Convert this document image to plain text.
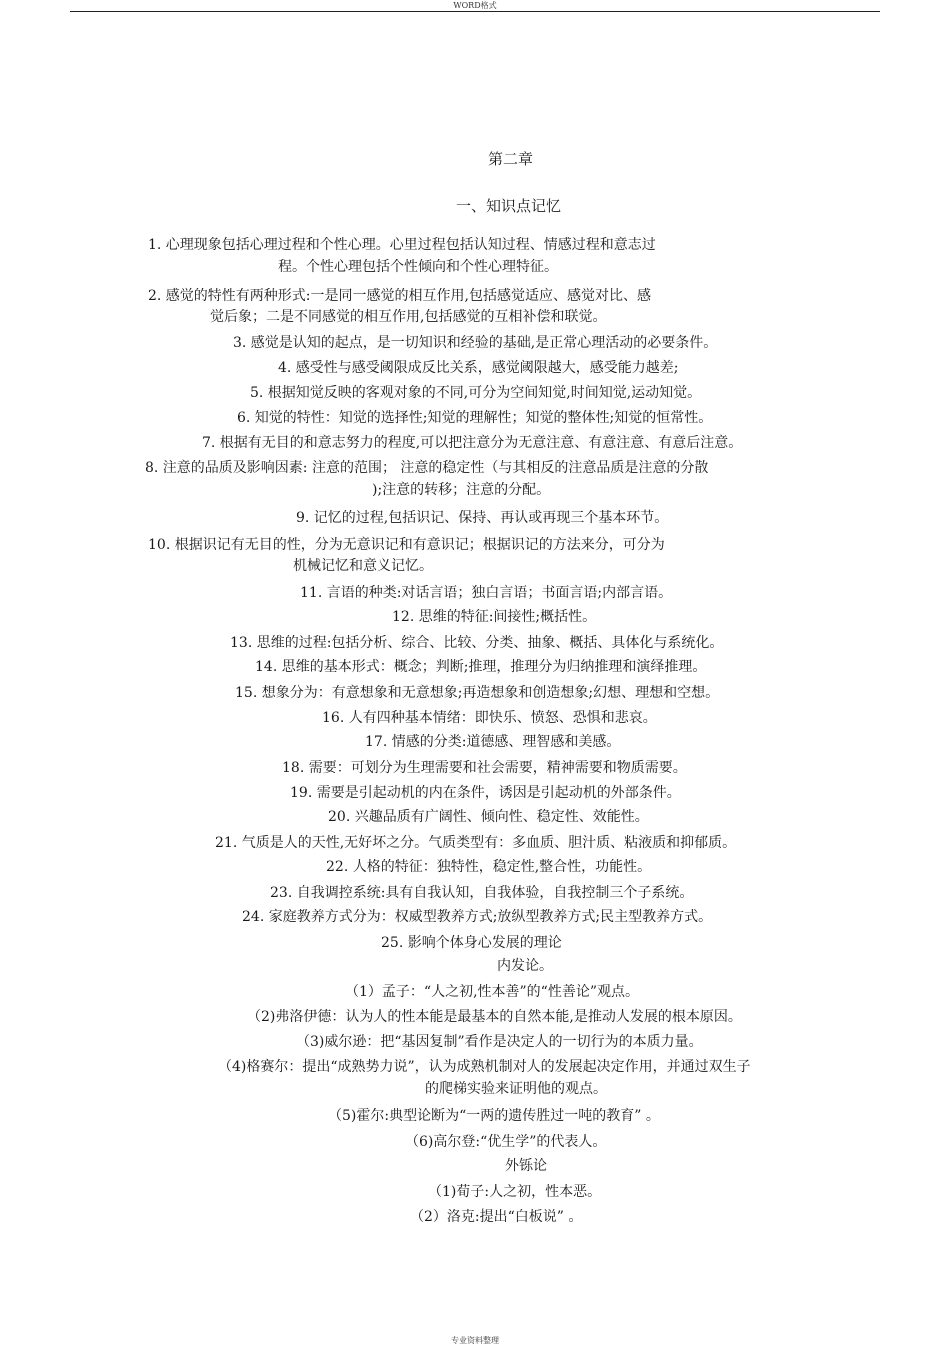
WORD格式
第二章
一、知识点记忆
1. 心理现象包括心理过程和个性心理。心里过程包括认知过程、情感过程和意志过
程。个性心理包括个性倾向和个性心理特征。
2. 感觉的特性有两种形式:一是同一感觉的相互作用,包括感觉适应、感觉对比、感
觉后象；二是不同感觉的相互作用,包括感觉的互相补偿和联觉。
3. 感觉是认知的起点，是一切知识和经验的基础,是正常心理活动的必要条件。
4. 感受性与感受阈限成反比关系，感觉阈限越大，感受能力越差;
5. 根据知觉反映的客观对象的不同,可分为空间知觉,时间知觉,运动知觉。
6. 知觉的特性：知觉的选择性;知觉的理解性；知觉的整体性;知觉的恒常性。
7. 根据有无目的和意志努力的程度,可以把注意分为无意注意、有意注意、有意后注意。
8. 注意的品质及影响因素: 注意的范围； 注意的稳定性（与其相反的注意品质是注意的分散
);注意的转移；注意的分配。
9. 记忆的过程,包括识记、保持、再认或再现三个基本环节。
10. 根据识记有无目的性，分为无意识记和有意识记；根据识记的方法来分，可分为
机械记忆和意义记忆。
11. 言语的种类:对话言语；独白言语；书面言语;内部言语。
12. 思维的特征:间接性;概括性。
13. 思维的过程:包括分析、综合、比较、分类、抽象、概括、具体化与系统化。
14. 思维的基本形式：概念；判断;推理，推理分为归纳推理和演绎推理。
15. 想象分为：有意想象和无意想象;再造想象和创造想象;幻想、理想和空想。
16. 人有四种基本情绪：即快乐、愤怒、恐惧和悲哀。
17. 情感的分类:道德感、理智感和美感。
18. 需要：可划分为生理需要和社会需要，精神需要和物质需要。
19. 需要是引起动机的内在条件，诱因是引起动机的外部条件。
20. 兴趣品质有广阔性、倾向性、稳定性、效能性。
21. 气质是人的天性,无好坏之分。气质类型有：多血质、胆汁质、粘液质和抑郁质。
22. 人格的特征：独特性，稳定性,整合性，功能性。
23. 自我调控系统:具有自我认知，自我体验，自我控制三个子系统。
24. 家庭教养方式分为：权威型教养方式;放纵型教养方式;民主型教养方式。
25. 影响个体身心发展的理论
内发论。
（1）孟子：“人之初,性本善”的“性善论”观点。
（2)弗洛伊德：认为人的性本能是最基本的自然本能,是推动人发展的根本原因。
（3)威尔逊：把“基因复制”看作是决定人的一切行为的本质力量。
（4)格赛尔：提出“成熟势力说”，认为成熟机制对人的发展起决定作用，并通过双生子
的爬梯实验来证明他的观点。
（5)霍尔:典型论断为“一两的遗传胜过一吨的教育” 。
（6)高尔登:“优生学”的代表人。
外铄论
（1)荀子:人之初，性本恶。
（2）洛克:提出“白板说” 。
专业资料整理
